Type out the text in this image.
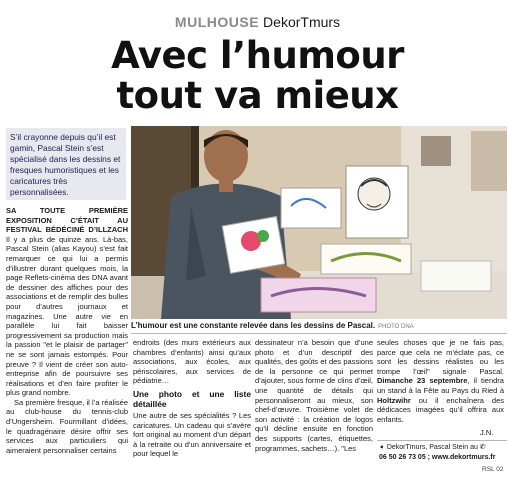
MULHOUSE DekorTmurs
Avec l’humour
tout va mieux
S’il crayonne depuis qu’il est gamin, Pascal Stein s’est spécialisé dans les dessins et fresques humoristiques et les caricatures très personnalisées.

SA TOUTE PREMIÈRE EXPOSITION C’ÉTAIT AU FESTIVAL BÉDÉCINÉ D’ILLZACH Il y a plus de quinze ans. Là-bas, Pascal Stein (alias Kayou) s’est fait remarquer ce qui lui a permis d’illustrer durant quelques mois, la page Reflets-cinéma des DNA avant de dessiner des affiches pour des associations et de remplir des bulles pour d’autres journaux et magazines. Une autre vie en parallèle lui fait baisser progressivement sa production mais la passion "et le plaisir de partager" ne se sont jamais estompés. Pour preuve ? Il vient de créer son auto-entreprise afin de poursuivre ses réalisations et d’en faire profiter le plus grand nombre.

Sa première fresque, il l’a réalisée au club-house du tennis-club d’Ungersheim. Fourmillant d’idées, le quadragénaire désire offrir ses services aux particuliers qui aimeraient personnaliser certains

L’humour est une constante relevée dans les dessins de Pascal. PHOTO DNA

endroits (des murs extérieurs aux chambres d’enfants) ainsi qu’aux associations, aux écoles, aux périscolaires, aux services de pédiatrie…

Une photo et une liste détaillée

Une autre de ses spécialités ? Les caricatures. Un cadeau qui s’avère fort original au moment d’un départ à la retraite ou d’un anniversaire et pour lequel le

dessinateur n’a besoin que d’une photo et d’un descriptif des qualités, des goûts et des passions de la personne ce qui permet d’ajouter, sous forme de clins d’œil, une quantité de détails qui personnaliseront au mieux, son chef-d’œuvre. Troisième volet de son activité : la création de logos qu’il décline ensuite en fonction des supports (cartes, étiquettes, programmes, sachets…). "Les

seules choses que je ne fais pas, parce que cela ne m’éclate pas, ce sont les dessins réalistes ou les trompe l’œil" signale Pascal. Dimanche 23 septembre, il tiendra un stand à la Fête au Pays du Ried à Holtzwihr ou il enchaînera des dédicaces imagées qu’il offrira aux enfants.

J.N.
➧ DekorTmurs, Pascal Stein au ✆
06 50 26 73 05 ; www.dekortmurs.fr
RSL 02
